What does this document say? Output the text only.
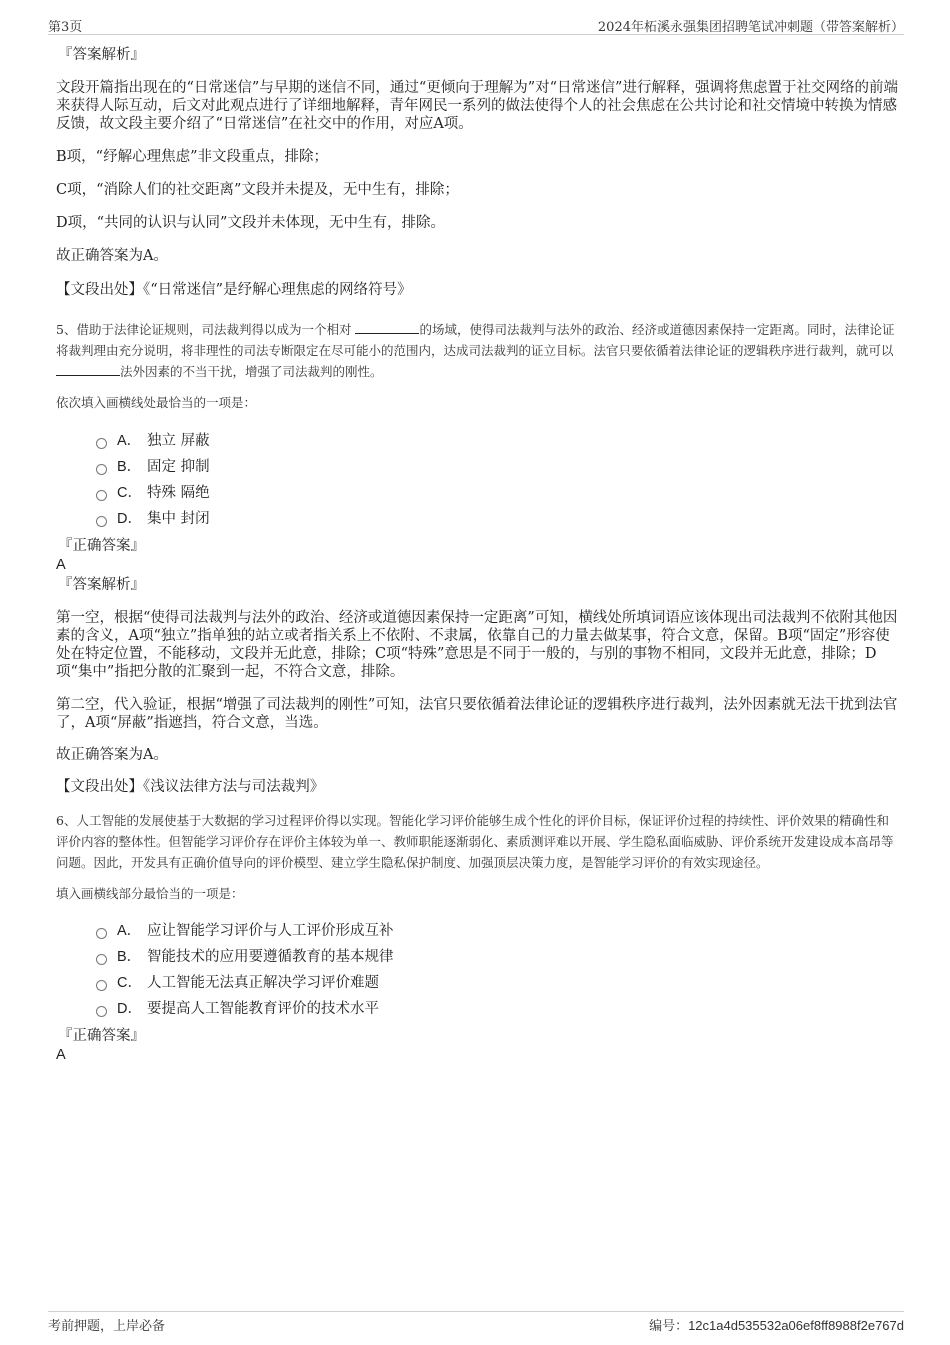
第3页	2024年柘溪永强集团招聘笔试冲刺题（带答案解析）

『答案解析』

文段开篇指出现在的“日常迷信”与早期的迷信不同，通过“更倾向于理解为”对“日常迷信”进行解释，强调将焦虑置于社交网络的前端来获得人际互动，后文对此观点进行了详细地解释，青年网民一系列的做法使得个人的社会焦虑在公共讨论和社交情境中转换为情感反馈，故文段主要介绍了“日常迷信”在社交中的作用，对应A项。

B项，“纾解心理焦虑”非文段重点，排除；

C项，“消除人们的社交距离”文段并未提及，无中生有，排除；

D项，“共同的认识与认同”文段并未体现，无中生有，排除。

故正确答案为A。

【文段出处】《“日常迷信”是纾解心理焦虑的网络符号》

5、借助于法律论证规则，司法裁判得以成为一个相对	的场域，使得司法裁判与法外的政治、经济或道德因素保持一定距离。同时，法律论证将裁判理由充分说明，将非理性的司法专断限定在尽可能小的范围内，达成司法裁判的证立目标。法官只要依循着法律论证的逻辑秩序进行裁判，就可以 法外因素的不当干扰，增强了司法裁判的刚性。

依次填入画横线处最恰当的一项是：

A． 独立 屏蔽
B． 固定 抑制
C． 特殊 隔绝
D． 集中 封闭

『正确答案』

A

『答案解析』

第一空，根据“使得司法裁判与法外的政治、经济或道德因素保持一定距离”可知，横线处所填词语应该体现出司法裁判不依附其他因素的含义，A项“独立”指单独的站立或者指关系上不依附、不隶属，依靠自己的力量去做某事，符合文意，保留。B项“固定”形容使处在特定位置，不能移动，文段并无此意，排除；C项“特殊”意思是不同于一般的，与别的事物不相同，文段并无此意，排除；D项“集中”指把分散的汇聚到一起，不符合文意，排除。

第二空，代入验证，根据“增强了司法裁判的刚性”可知，法官只要依循着法律论证的逻辑秩序进行裁判，法外因素就无法干扰到法官了，A项“屏蔽”指遮挡，符合文意，当选。

故正确答案为A。

【文段出处】《浅议法律方法与司法裁判》

6、人工智能的发展使基于大数据的学习过程评价得以实现。智能化学习评价能够生成个性化的评价目标，保证评价过程的持续性、评价效果的精确性和评价内容的整体性。但智能学习评价存在评价主体较为单一、教师职能逐渐弱化、素质测评难以开展、学生隐私面临威胁、评价系统开发建设成本高昂等问题。因此，开发具有正确价值导向的评价模型、建立学生隐私保护制度、加强顶层决策力度，是智能学习评价的有效实现途径。

填入画横线部分最恰当的一项是：

A． 应让智能学习评价与人工评价形成互补
B． 智能技术的应用要遵循教育的基本规律
C． 人工智能无法真正解决学习评价难题
D． 要提高人工智能教育评价的技术水平

『正确答案』

A

考前押题，上岸必备	编号：12c1a4d535532a06ef8ff8988f2e767d
